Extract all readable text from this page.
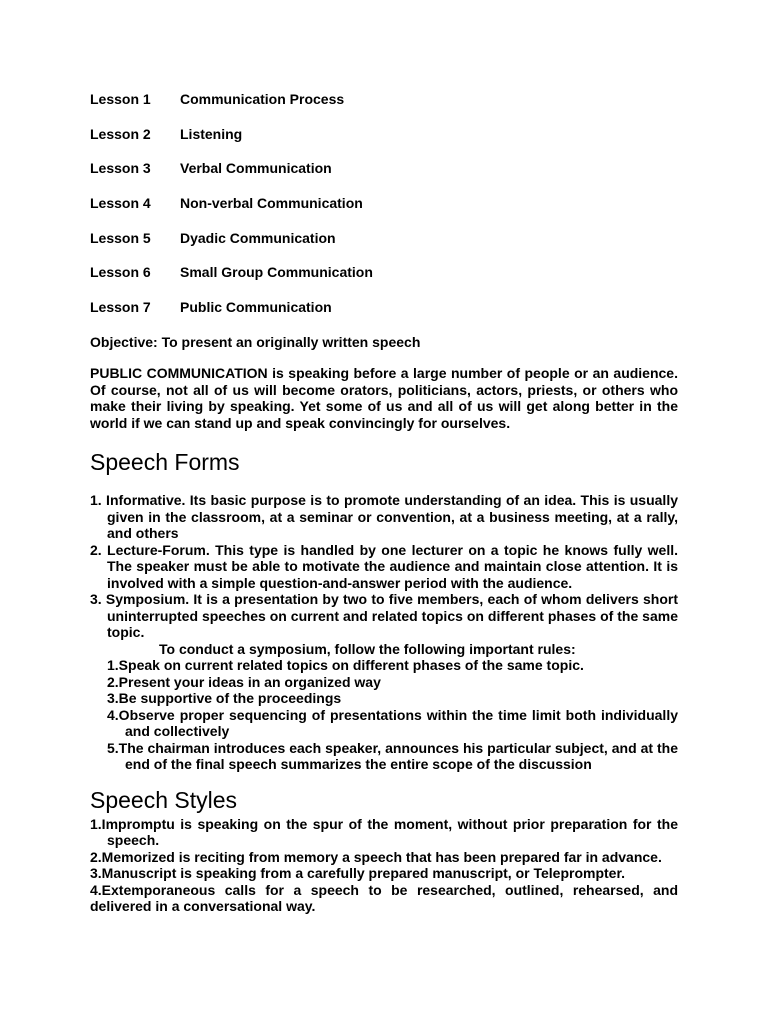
Lesson 1	Communication Process
Lesson 2	Listening
Lesson 3	Verbal Communication
Lesson 4	Non-verbal Communication
Lesson 5	Dyadic Communication
Lesson 6	Small Group Communication
Lesson 7	Public Communication
Objective: To present an originally written speech

PUBLIC COMMUNICATION is speaking before a large number of people or an audience. Of course, not all of us will become orators, politicians, actors, priests, or others who make their living by speaking. Yet some of us and all of us will get along better in the world if we can stand up and speak convincingly for ourselves.

Speech Forms

1. Informative. Its basic purpose is to promote understanding of an idea. This is usually given in the classroom, at a seminar or convention, at a business meeting, at a rally, and others

2. Lecture-Forum. This type is handled by one lecturer on a topic he knows fully well. The speaker must be able to motivate the audience and maintain close attention. It is involved with a simple question-and-answer period with the audience.

3. Symposium. It is a presentation by two to five members, each of whom delivers short uninterrupted speeches on current and related topics on different phases of the same topic.

To conduct a symposium, follow the following important rules:

1.Speak on current related topics on different phases of the same topic.

2.Present your ideas in an organized way

3.Be supportive of the proceedings

4.Observe proper sequencing of presentations within the time limit both individually and collectively

5.The chairman introduces each speaker, announces his particular subject, and at the end of the final speech summarizes the entire scope of the discussion

Speech Styles

1.Impromptu is speaking on the spur of the moment, without prior preparation for the speech.

2.Memorized is reciting from memory a speech that has been prepared far in advance.

3.Manuscript is speaking from a carefully prepared manuscript, or Teleprompter.

4.Extemporaneous calls for a speech to be researched, outlined, rehearsed, and delivered in a conversational way.
